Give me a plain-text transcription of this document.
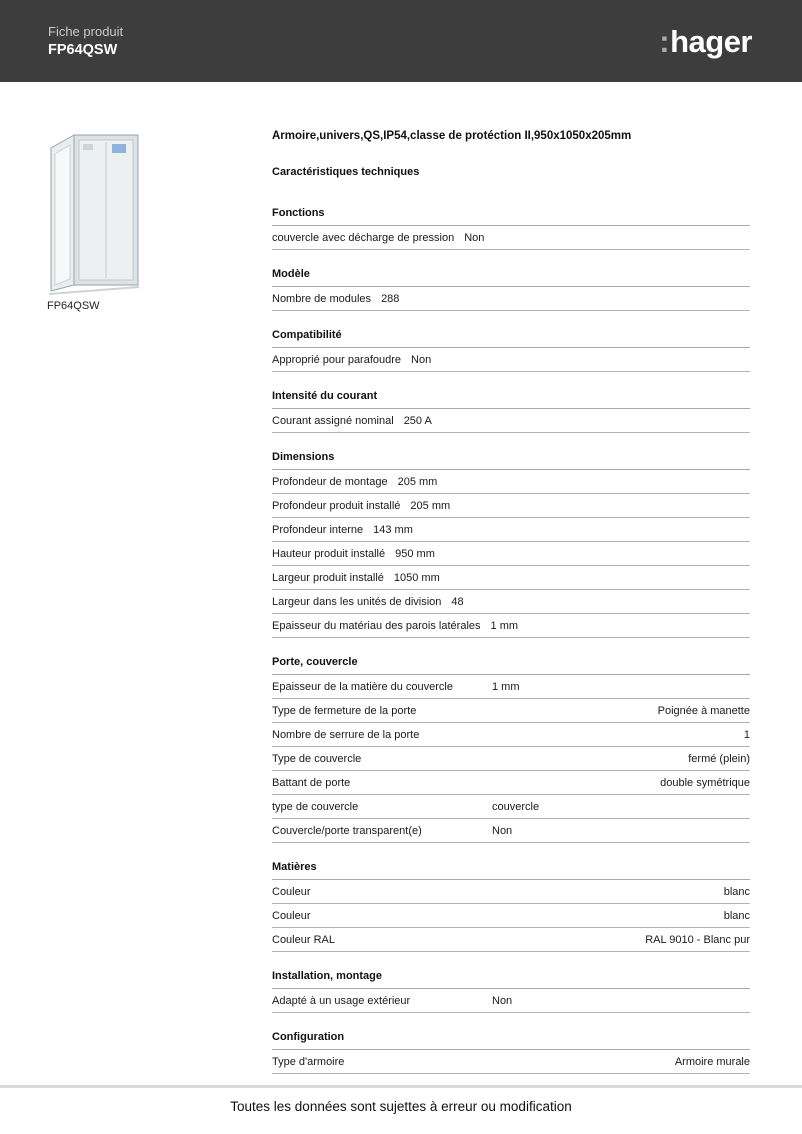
Fiche produit
FP64QSW	:hager
FP64QSW
Armoire,univers,QS,IP54,classe de protéction II,950x1050x205mm
Caractéristiques techniques
Fonctions
couvercle avec décharge de pression Non
Modèle
Nombre de modules 288
Compatibilité
Approprié pour parafoudre Non
Intensité du courant
Courant assigné nominal 250 A
Dimensions
Profondeur de montage 205 mm
Profondeur produit installé 205 mm
Profondeur interne 143 mm
Hauteur produit installé 950 mm
Largeur produit installé 1050 mm
Largeur dans les unités de division 48
Epaisseur du matériau des parois latérales 1 mm
Porte, couvercle
Epaisseur de la matière du couvercle	1 mm
Type de fermeture de la porte	Poignée à manette
Nombre de serrure de la porte	1
Type de couvercle	fermé (plein)
Battant de porte	double symétrique
type de couvercle	couvercle
Couvercle/porte transparent(e)	Non
Matières
Couleur	blanc
Couleur	blanc
Couleur RAL	RAL 9010 - Blanc pur
Installation, montage
Adapté à un usage extérieur	Non
Configuration
Type d'armoire	Armoire murale
Toutes les données sont sujettes à erreur ou modification
